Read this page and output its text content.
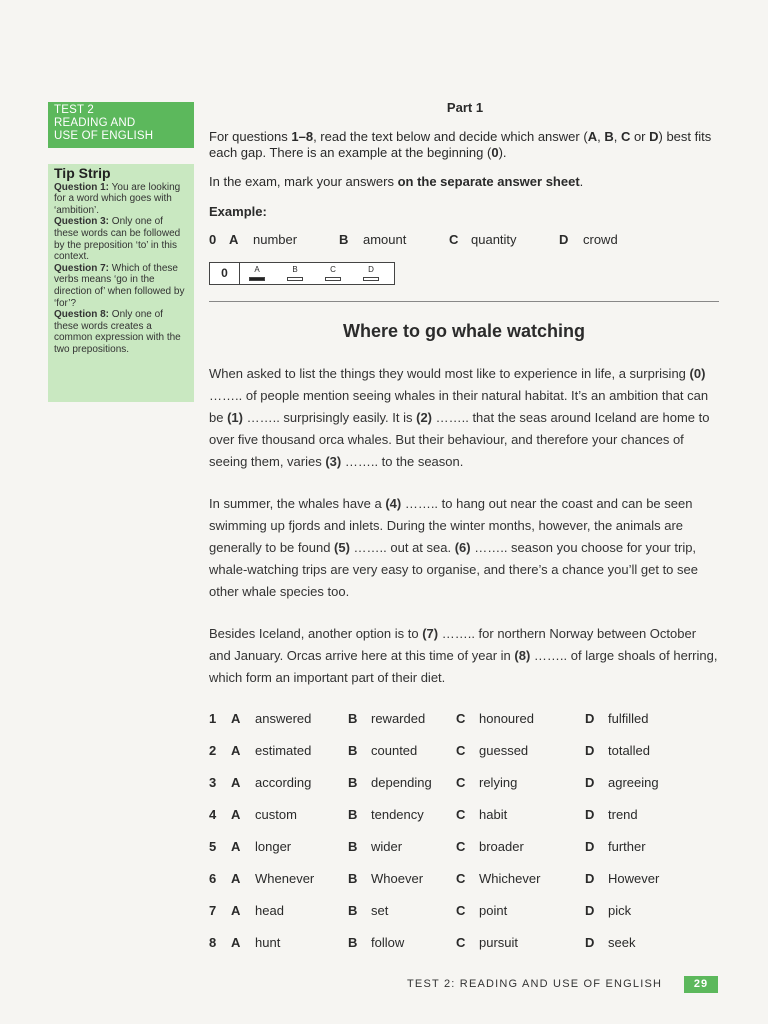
TEST 2
READING AND
USE OF ENGLISH
Tip Strip
Question 1: You are looking for a word which goes with ‘ambition’.
Question 3: Only one of these words can be followed by the preposition ‘to’ in this context.
Question 7: Which of these verbs means ‘go in the direction of’ when followed by ‘for’?
Question 8: Only one of these words creates a common expression with the two prepositions.
Part 1
For questions 1–8, read the text below and decide which answer (A, B, C or D) best fits each gap. There is an example at the beginning (0).
In the exam, mark your answers on the separate answer sheet.
Example:
0 A number	B amount	C quantity	D crowd
0	A	B	C	D
Where to go whale watching
When asked to list the things they would most like to experience in life, a surprising (0) …….. of people mention seeing whales in their natural habitat. It’s an ambition that can be (1) …….. surprisingly easily. It is (2) …….. that the seas around Iceland are home to over five thousand orca whales. But their behaviour, and therefore your chances of seeing them, varies (3) …….. to the season.
In summer, the whales have a (4) …….. to hang out near the coast and can be seen swimming up fjords and inlets. During the winter months, however, the animals are generally to be found (5) …….. out at sea. (6) …….. season you choose for your trip, whale-watching trips are very easy to organise, and there’s a chance you’ll get to see other whale species too.
Besides Iceland, another option is to (7) …….. for northern Norway between October and January. Orcas arrive here at this time of year in (8) …….. of large shoals of herring, which form an important part of their diet.
1 A answered	B rewarded C honoured	D fulfilled
2 A estimated	B counted	C guessed	D totalled
3 A according	B depending C relying	D agreeing
4 A custom	B tendency C habit	D trend
5 A longer	B wider	C broader	D further
6 A Whenever	B Whoever	C Whichever	D However
7 A head	B set	C point	D pick
8 A hunt	B follow	C pursuit	D seek
TEST 2: READING AND USE OF ENGLISH	29
